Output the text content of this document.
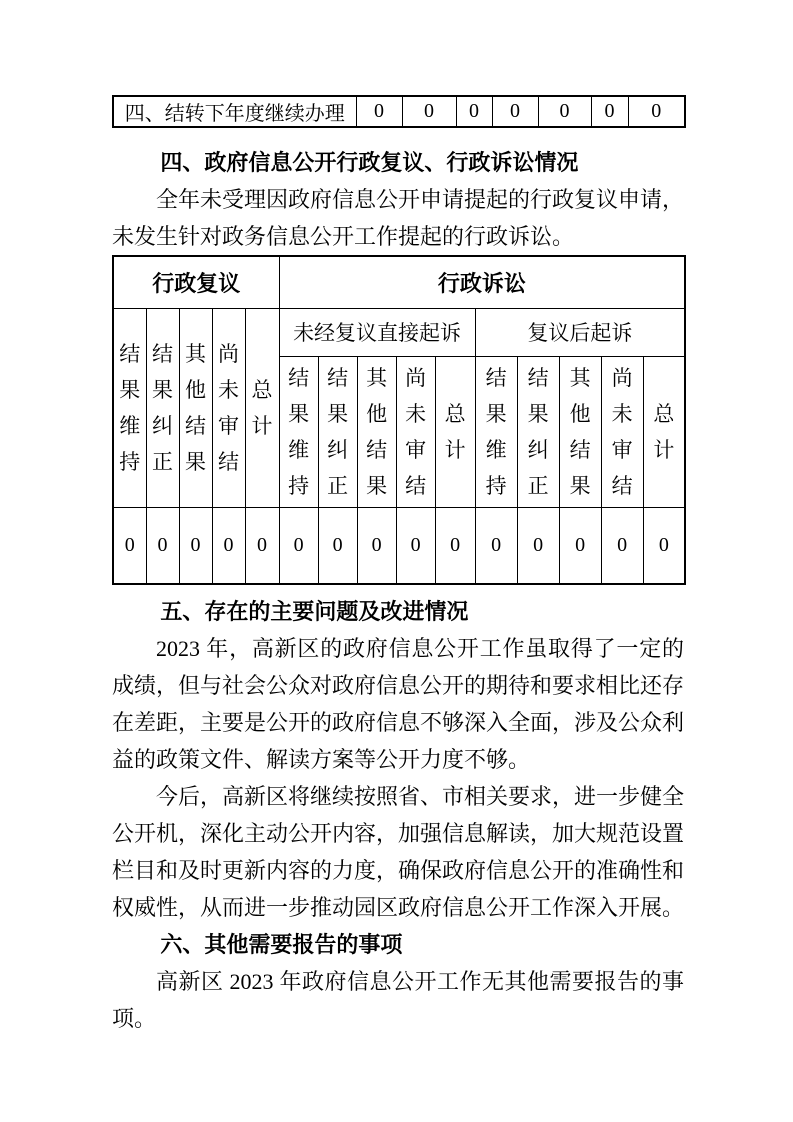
四、结转下年度继续办理	0	0	0	0	0	0	0
四、政府信息公开行政复议、行政诉讼情况
全年未受理因政府信息公开申请提起的行政复议申请，未发生针对政务信息公开工作提起的行政诉讼。
行政复议					行政诉讼									

结果维持	结果纠正	其他结果	尚未审结	总计	未经复议直接起诉					复议后起诉				

					结果维持	结果纠正	其他结果	尚未审结	总计	结果维持	结果纠正	其他结果	尚未审结	总计

0	0	0	0	0	0	0	0	0	0	0	0	0	0	0
五、存在的主要问题及改进情况
2023 年，高新区的政府信息公开工作虽取得了一定的成绩，但与社会公众对政府信息公开的期待和要求相比还存在差距，主要是公开的政府信息不够深入全面，涉及公众利益的政策文件、解读方案等公开力度不够。
今后，高新区将继续按照省、市相关要求，进一步健全公开机，深化主动公开内容，加强信息解读，加大规范设置栏目和及时更新内容的力度，确保政府信息公开的准确性和权威性，从而进一步推动园区政府信息公开工作深入开展。
六、其他需要报告的事项
高新区 2023 年政府信息公开工作无其他需要报告的事项。
